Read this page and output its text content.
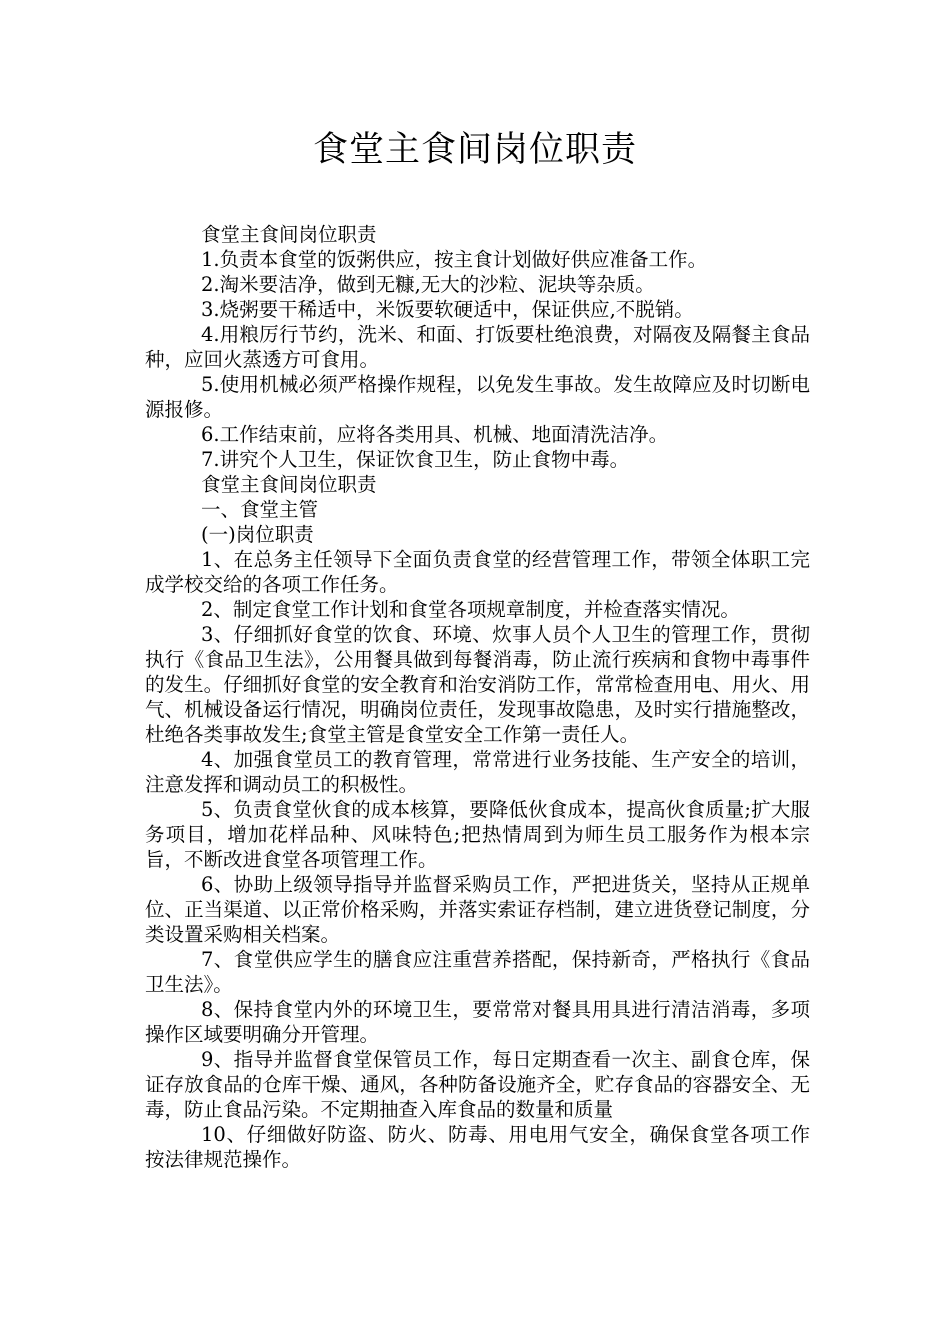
食堂主食间岗位职责

食堂主食间岗位职责

1.负责本食堂的饭粥供应，按主食计划做好供应准备工作。

2.淘米要洁净，做到无糠,无大的沙粒、泥块等杂质。

3.烧粥要干稀适中，米饭要软硬适中，保证供应,不脱销。

4.用粮厉行节约，洗米、和面、打饭要杜绝浪费，对隔夜及隔餐主食品种，应回火蒸透方可食用。

5.使用机械必须严格操作规程，以免发生事故。发生故障应及时切断电源报修。

6.工作结束前，应将各类用具、机械、地面清洗洁净。

7.讲究个人卫生，保证饮食卫生，防止食物中毒。

食堂主食间岗位职责

一、食堂主管

(一)岗位职责

1、在总务主任领导下全面负责食堂的经营管理工作，带领全体职工完成学校交给的各项工作任务。

2、制定食堂工作计划和食堂各项规章制度，并检查落实情况。

3、仔细抓好食堂的饮食、环境、炊事人员个人卫生的管理工作，贯彻执行《食品卫生法》，公用餐具做到每餐消毒，防止流行疾病和食物中毒事件的发生。仔细抓好食堂的安全教育和治安消防工作，常常检查用电、用火、用气、机械设备运行情况，明确岗位责任，发现事故隐患，及时实行措施整改，杜绝各类事故发生;食堂主管是食堂安全工作第一责任人。

4、加强食堂员工的教育管理，常常进行业务技能、生产安全的培训，注意发挥和调动员工的积极性。

5、负责食堂伙食的成本核算，要降低伙食成本，提高伙食质量;扩大服务项目，增加花样品种、风味特色;把热情周到为师生员工服务作为根本宗旨，不断改进食堂各项管理工作。

6、协助上级领导指导并监督采购员工作，严把进货关，坚持从正规单位、正当渠道、以正常价格采购，并落实索证存档制，建立进货登记制度，分类设置采购相关档案。

7、食堂供应学生的膳食应注重营养搭配，保持新奇，严格执行《食品卫生法》。

8、保持食堂内外的环境卫生，要常常对餐具用具进行清洁消毒，多项操作区域要明确分开管理。

9、指导并监督食堂保管员工作，每日定期查看一次主、副食仓库，保证存放食品的仓库干燥、通风，各种防备设施齐全，贮存食品的容器安全、无毒，防止食品污染。不定期抽查入库食品的数量和质量

10、仔细做好防盗、防火、防毒、用电用气安全，确保食堂各项工作按法律规范操作。
